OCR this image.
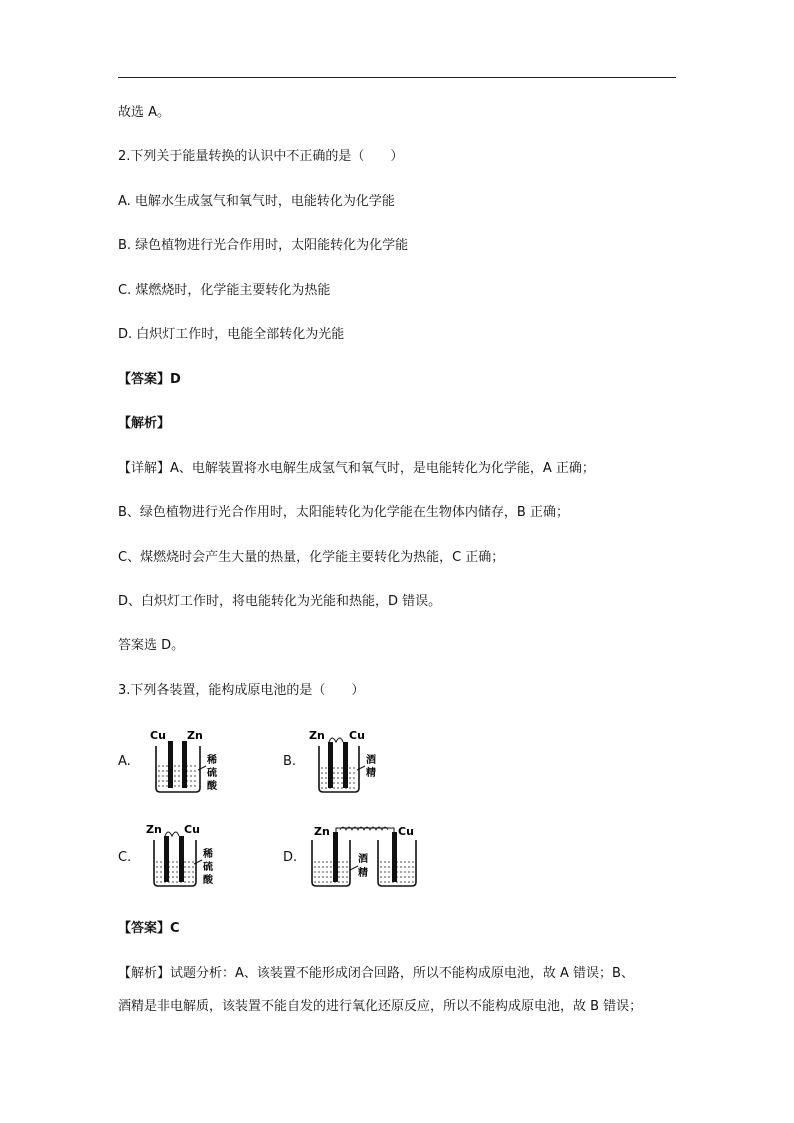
故选 A。
2.下列关于能量转换的认识中不正确的是（　　）
A. 电解水生成氢气和氧气时，电能转化为化学能
B. 绿色植物进行光合作用时，太阳能转化为化学能
C. 煤燃烧时，化学能主要转化为热能
D. 白炽灯工作时，电能全部转化为光能
【答案】D
【解析】
【详解】A、电解装置将水电解生成氢气和氧气时，是电能转化为化学能，A 正确；
B、绿色植物进行光合作用时，太阳能转化为化学能在生物体内储存，B 正确；
C、煤燃烧时会产生大量的热量，化学能主要转化为热能，C 正确；
D、白炽灯工作时，将电能转化为光能和热能，D 错误。
答案选 D。
3.下列各装置，能构成原电池的是（　　）
A.
Cu Zn
稀
硫
酸
B.
Zn Cu
酒
精
C.
Zn Cu
稀
硫
酸
D.
Zn	Cu
酒
精
【答案】C
【解析】试题分析：A、该装置不能形成闭合回路，所以不能构成原电池，故 A 错误；B、
酒精是非电解质，该装置不能自发的进行氧化还原反应，所以不能构成原电池，故 B 错误；
